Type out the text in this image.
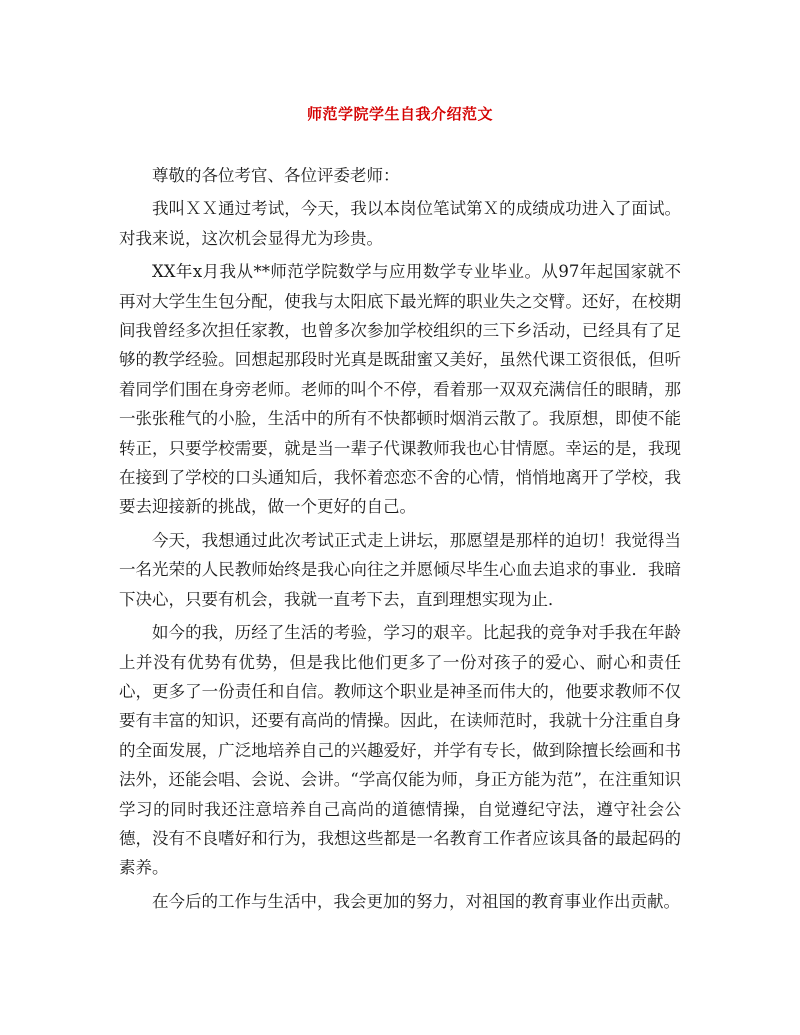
师范学院学生自我介绍范文

尊敬的各位考官、各位评委老师：

我叫ＸＸ通过考试，今天，我以本岗位笔试第Ｘ的成绩成功进入了面试。对我来说，这次机会显得尤为珍贵。

XX年x月我从**师范学院数学与应用数学专业毕业。从97年起国家就不再对大学生生包分配，使我与太阳底下最光辉的职业失之交臂。还好，在校期间我曾经多次担任家教，也曾多次参加学校组织的三下乡活动，已经具有了足够的教学经验。回想起那段时光真是既甜蜜又美好，虽然代课工资很低，但听着同学们围在身旁老师。老师的叫个不停，看着那一双双充满信任的眼睛，那一张张稚气的小脸，生活中的所有不快都顿时烟消云散了。我原想，即使不能转正，只要学校需要，就是当一辈子代课教师我也心甘情愿。幸运的是，我现在接到了学校的口头通知后，我怀着恋恋不舍的心情，悄悄地离开了学校，我要去迎接新的挑战，做一个更好的自己。

今天，我想通过此次考试正式走上讲坛，那愿望是那样的迫切！我觉得当一名光荣的人民教师始终是我心向往之并愿倾尽毕生心血去追求的事业．我暗下决心，只要有机会，我就一直考下去，直到理想实现为止．

如今的我，历经了生活的考验，学习的艰辛。比起我的竞争对手我在年龄上并没有优势有优势，但是我比他们更多了一份对孩子的爱心、耐心和责任心，更多了一份责任和自信。教师这个职业是神圣而伟大的，他要求教师不仅要有丰富的知识，还要有高尚的情操。因此，在读师范时，我就十分注重自身的全面发展，广泛地培养自己的兴趣爱好，并学有专长，做到除擅长绘画和书法外，还能会唱、会说、会讲。“学高仅能为师，身正方能为范”，在注重知识学习的同时我还注意培养自己高尚的道德情操，自觉遵纪守法，遵守社会公德，没有不良嗜好和行为，我想这些都是一名教育工作者应该具备的最起码的素养。

在今后的工作与生活中，我会更加的努力，对祖国的教育事业作出贡献。
